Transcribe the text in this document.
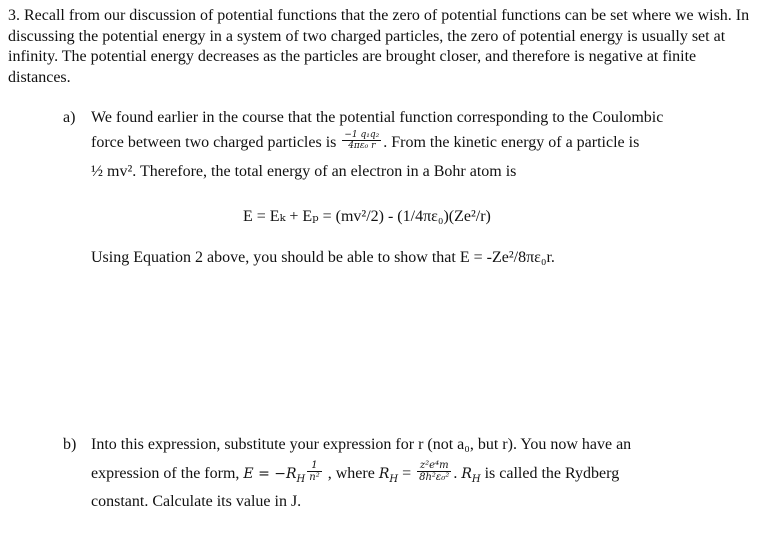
3. Recall from our discussion of potential functions that the zero of potential functions can be set where we wish. In discussing the potential energy in a system of two charged particles, the zero of potential energy is usually set at infinity. The potential energy decreases as the particles are brought closer, and therefore is negative at finite distances.

a) We found earlier in the course that the potential function corresponding to the Coulombic
force between two charged particles is $\frac{\text{−1 q₁q₂}}{\text{4πε₀ r}}$ . From the kinetic energy of a particle is
½ mv². Therefore, the total energy of an electron in a Bohr atom is
E = Eₖ + Eₚ = (mv²/2) - (1/4πε₀)(Ze²/r)
Using Equation 2 above, you should be able to show that E = -Ze²/8πε₀r.
b) Into this expression, substitute your expression for r (not a₀, but r). You now have an
expression of the form, $E = -R_H \frac{1}{\text{n²}}$ , where $R_H = \frac{\text{z²e⁴m}}{\text{8h²ε₀²}}$ . $R_H$ is called the Rydberg
constant. Calculate its value in J.
